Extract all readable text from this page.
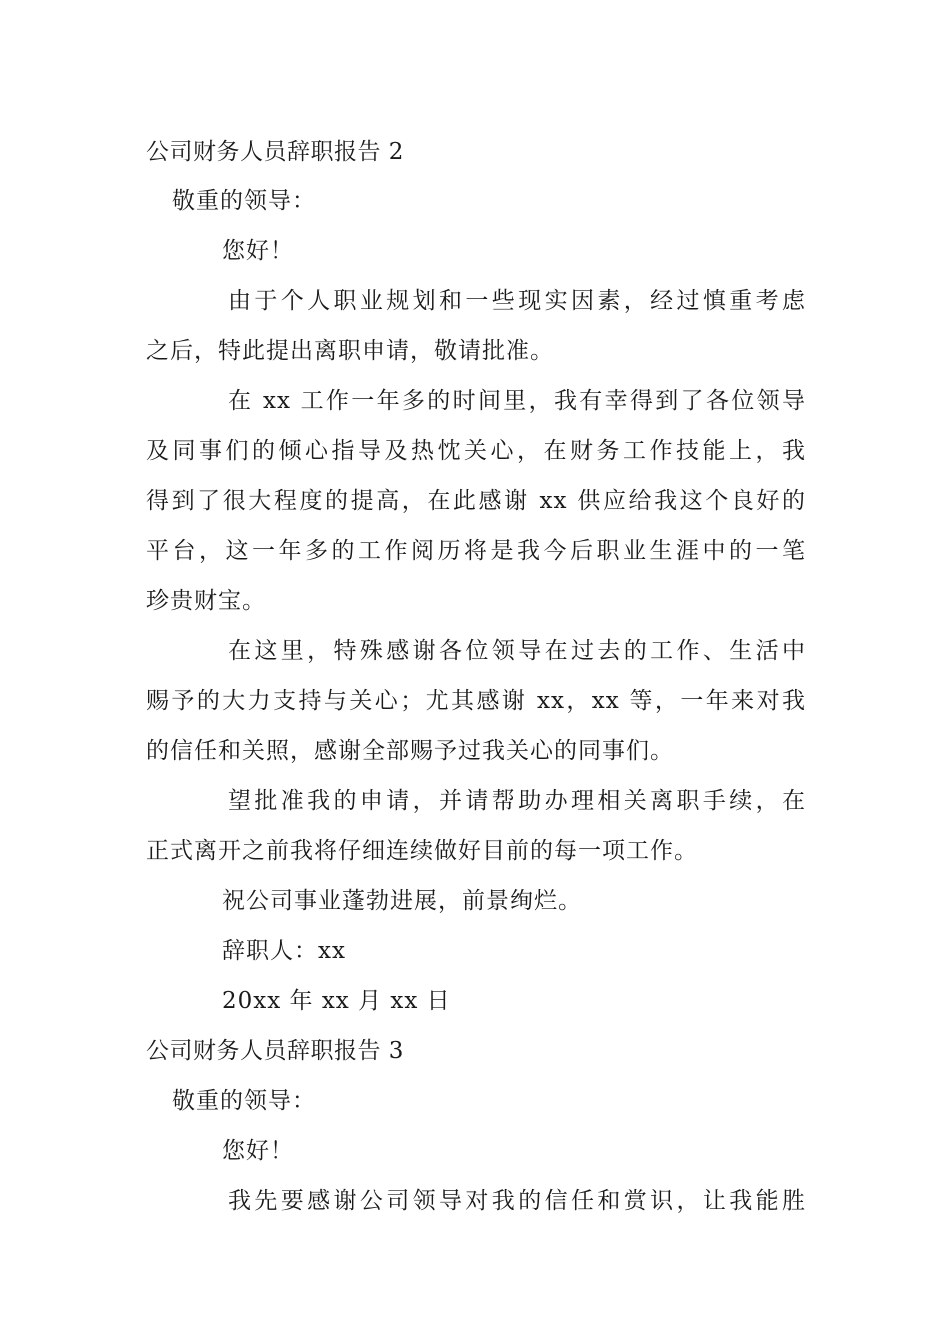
公司财务人员辞职报告 2
敬重的领导：
您好！
由于个人职业规划和一些现实因素，经过慎重考虑
之后，特此提出离职申请，敬请批准。
在 xx 工作一年多的时间里，我有幸得到了各位领导
及同事们的倾心指导及热忱关心，在财务工作技能上，我
得到了很大程度的提高，在此感谢 xx 供应给我这个良好的
平台，这一年多的工作阅历将是我今后职业生涯中的一笔
珍贵财宝。
在这里，特殊感谢各位领导在过去的工作、生活中
赐予的大力支持与关心；尤其感谢 xx，xx 等，一年来对我
的信任和关照，感谢全部赐予过我关心的同事们。
望批准我的申请，并请帮助办理相关离职手续，在
正式离开之前我将仔细连续做好目前的每一项工作。
祝公司事业蓬勃进展，前景绚烂。
辞职人：xx
20xx 年 xx 月 xx 日
公司财务人员辞职报告 3
敬重的领导：
您好！
我先要感谢公司领导对我的信任和赏识，让我能胜
